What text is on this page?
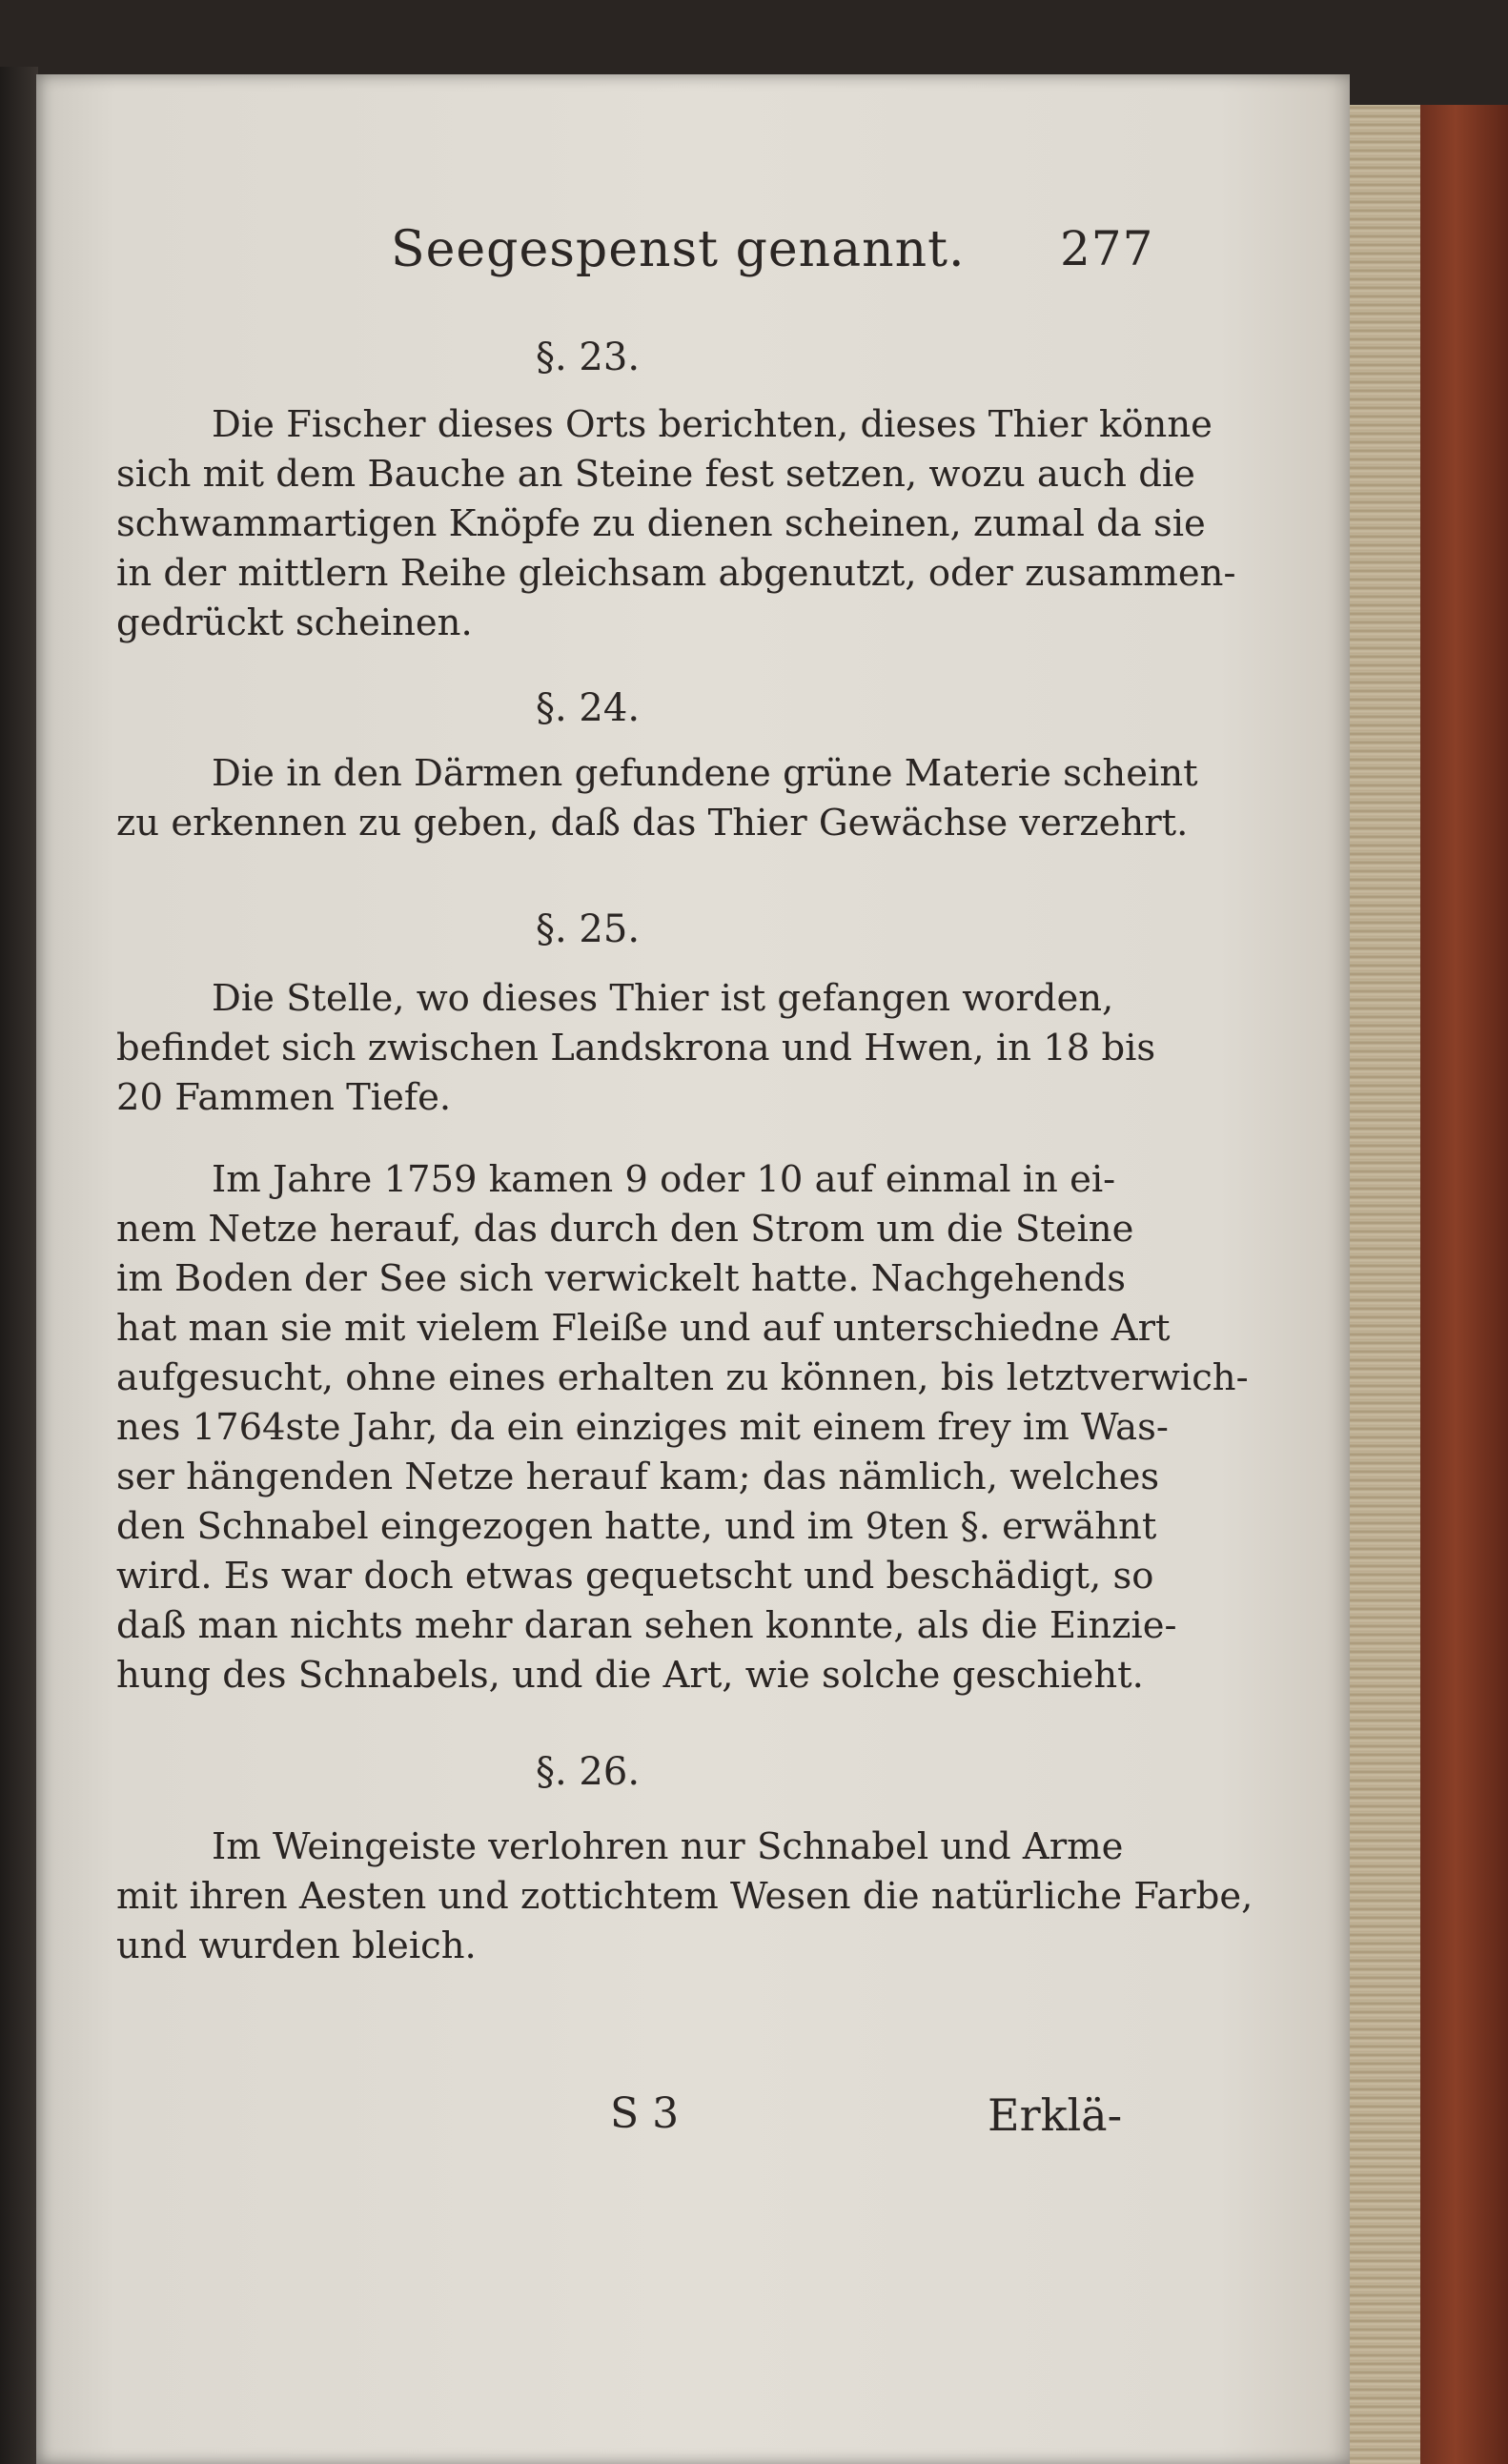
Seegespenst genannt. 277
§. 23.
Die Fischer dieses Orts berichten, dieses Thier könne
sich mit dem Bauche an Steine fest setzen, wozu auch die
schwammartigen Knöpfe zu dienen scheinen, zumal da sie
in der mittlern Reihe gleichsam abgenutzt, oder zusammen-
gedrückt scheinen.
§. 24.
Die in den Därmen gefundene grüne Materie scheint
zu erkennen zu geben, daß das Thier Gewächse verzehrt.
§. 25.
Die Stelle, wo dieses Thier ist gefangen worden,
befindet sich zwischen Landskrona und Hwen, in 18 bis
20 Fammen Tiefe.
Im Jahre 1759 kamen 9 oder 10 auf einmal in ei-
nem Netze herauf, das durch den Strom um die Steine
im Boden der See sich verwickelt hatte. Nachgehends
hat man sie mit vielem Fleiße und auf unterschiedne Art
aufgesucht, ohne eines erhalten zu können, bis letztverwich-
nes 1764ste Jahr, da ein einziges mit einem frey im Was-
ser hängenden Netze herauf kam; das nämlich, welches
den Schnabel eingezogen hatte, und im 9ten §. erwähnt
wird. Es war doch etwas gequetscht und beschädigt, so
daß man nichts mehr daran sehen konnte, als die Einzie-
hung des Schnabels, und die Art, wie solche geschieht.
§. 26.
Im Weingeiste verlohren nur Schnabel und Arme
mit ihren Aesten und zottichtem Wesen die natürliche Farbe,
und wurden bleich.
S 3	Erklä-
